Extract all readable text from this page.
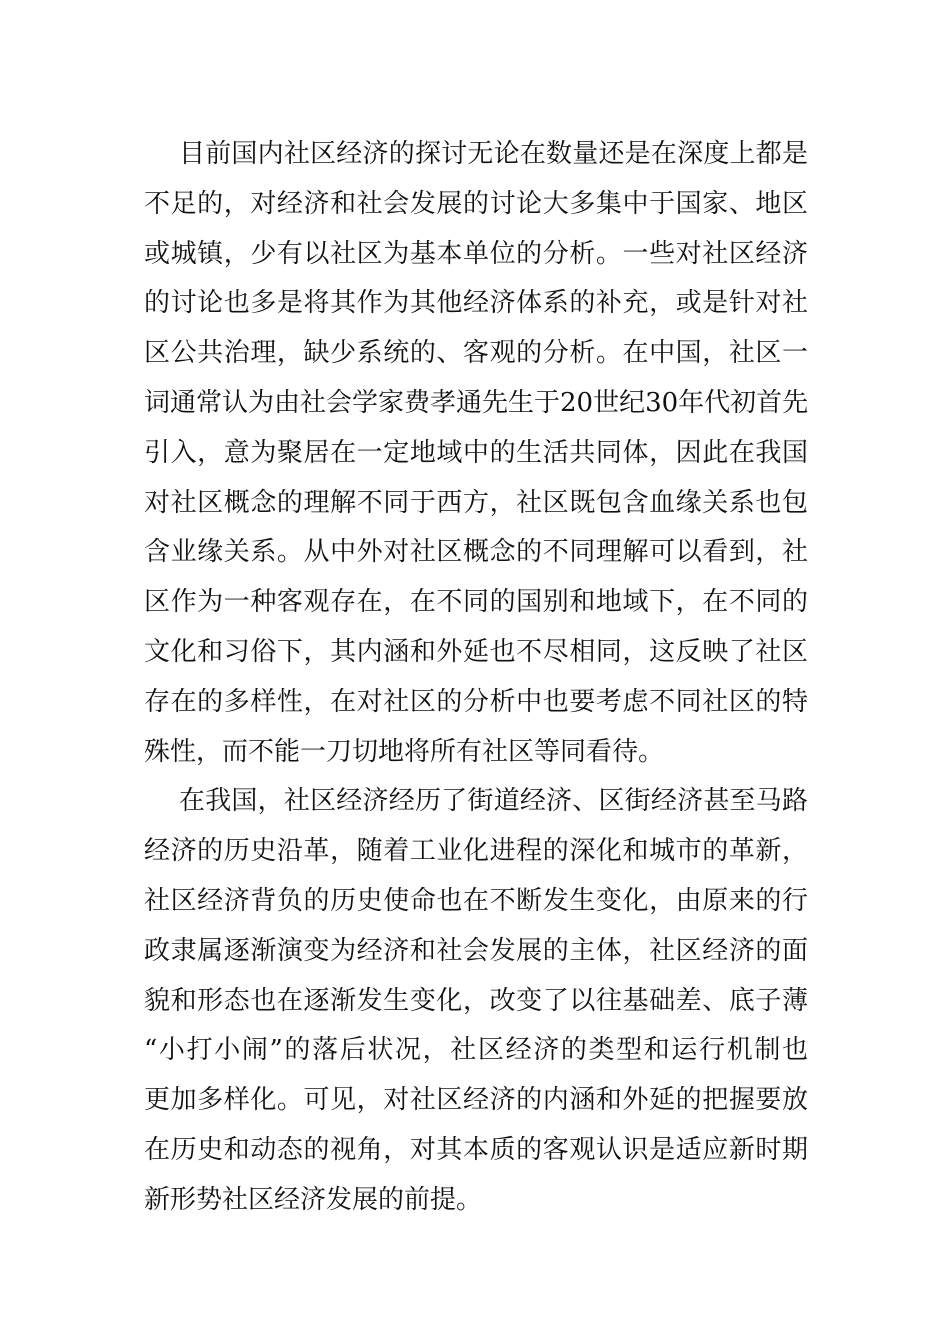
目前国内社区经济的探讨无论在数量还是在深度上都是
不足的，对经济和社会发展的讨论大多集中于国家、地区
或城镇，少有以社区为基本单位的分析。一些对社区经济
的讨论也多是将其作为其他经济体系的补充，或是针对社
区公共治理，缺少系统的、客观的分析。在中国，社区一
词通常认为由社会学家费孝通先生于20世纪30年代初首先
引入，意为聚居在一定地域中的生活共同体，因此在我国
对社区概念的理解不同于西方，社区既包含血缘关系也包
含业缘关系。从中外对社区概念的不同理解可以看到，社
区作为一种客观存在，在不同的国别和地域下，在不同的
文化和习俗下，其内涵和外延也不尽相同，这反映了社区
存在的多样性，在对社区的分析中也要考虑不同社区的特
殊性，而不能一刀切地将所有社区等同看待。
在我国，社区经济经历了街道经济、区街经济甚至马路
经济的历史沿革，随着工业化进程的深化和城市的革新，
社区经济背负的历史使命也在不断发生变化，由原来的行
政隶属逐渐演变为经济和社会发展的主体，社区经济的面
貌和形态也在逐渐发生变化，改变了以往基础差、底子薄
“小打小闹”的落后状况，社区经济的类型和运行机制也
更加多样化。可见，对社区经济的内涵和外延的把握要放
在历史和动态的视角，对其本质的客观认识是适应新时期
新形势社区经济发展的前提。
